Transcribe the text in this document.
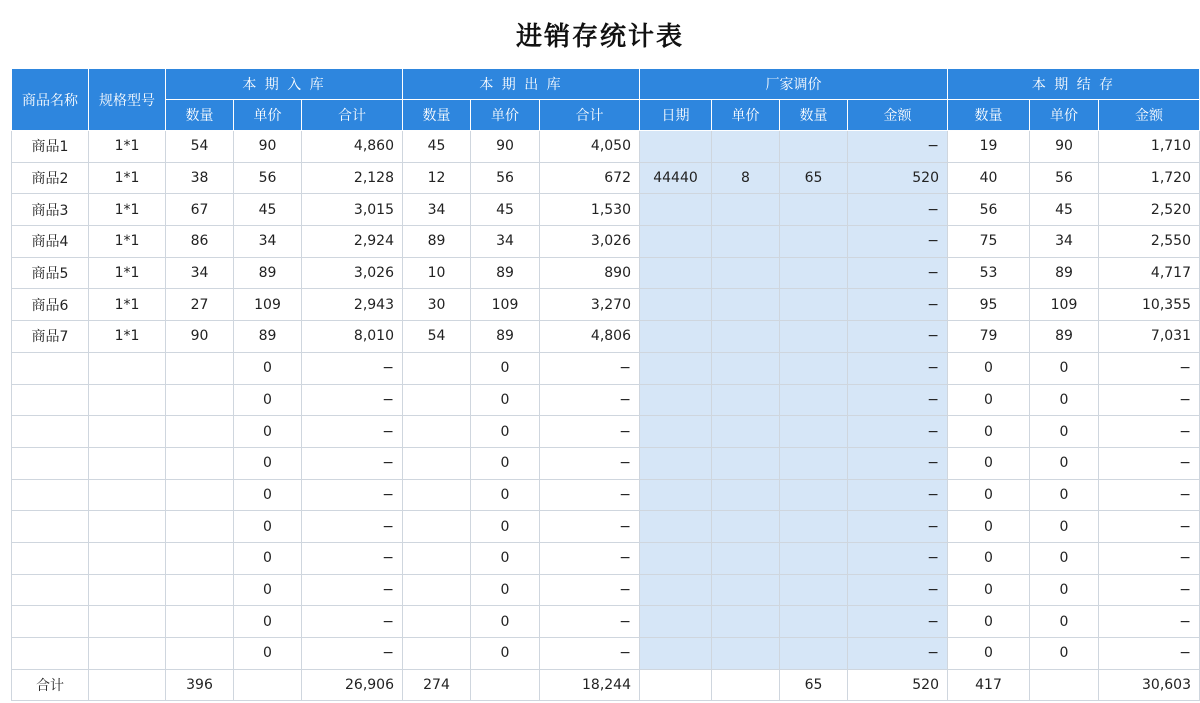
进销存统计表
商品名称	规格型号	本 期 入 库			本 期 出 库			厂家调价				本 期 结 存		
		数量	单价	合计	数量	单价	合计	日期	单价	数量	金额	数量	单价	金额
商品1	1*1	54	90	4,860	45	90	4,050				−	19	90	1,710
商品2	1*1	38	56	2,128	12	56	672	44440	8	65	520	40	56	1,720
商品3	1*1	67	45	3,015	34	45	1,530				−	56	45	2,520
商品4	1*1	86	34	2,924	89	34	3,026				−	75	34	2,550
商品5	1*1	34	89	3,026	10	89	890				−	53	89	4,717
商品6	1*1	27	109	2,943	30	109	3,270				−	95	109	10,355
商品7	1*1	90	89	8,010	54	89	4,806				−	79	89	7,031
			0	−		0	−				−	0	0	−
			0	−		0	−				−	0	0	−
			0	−		0	−				−	0	0	−
			0	−		0	−				−	0	0	−
			0	−		0	−				−	0	0	−
			0	−		0	−				−	0	0	−
			0	−		0	−				−	0	0	−
			0	−		0	−				−	0	0	−
			0	−		0	−				−	0	0	−
			0	−		0	−				−	0	0	−
合计		396		26,906	274		18,244			65	520	417		30,603
